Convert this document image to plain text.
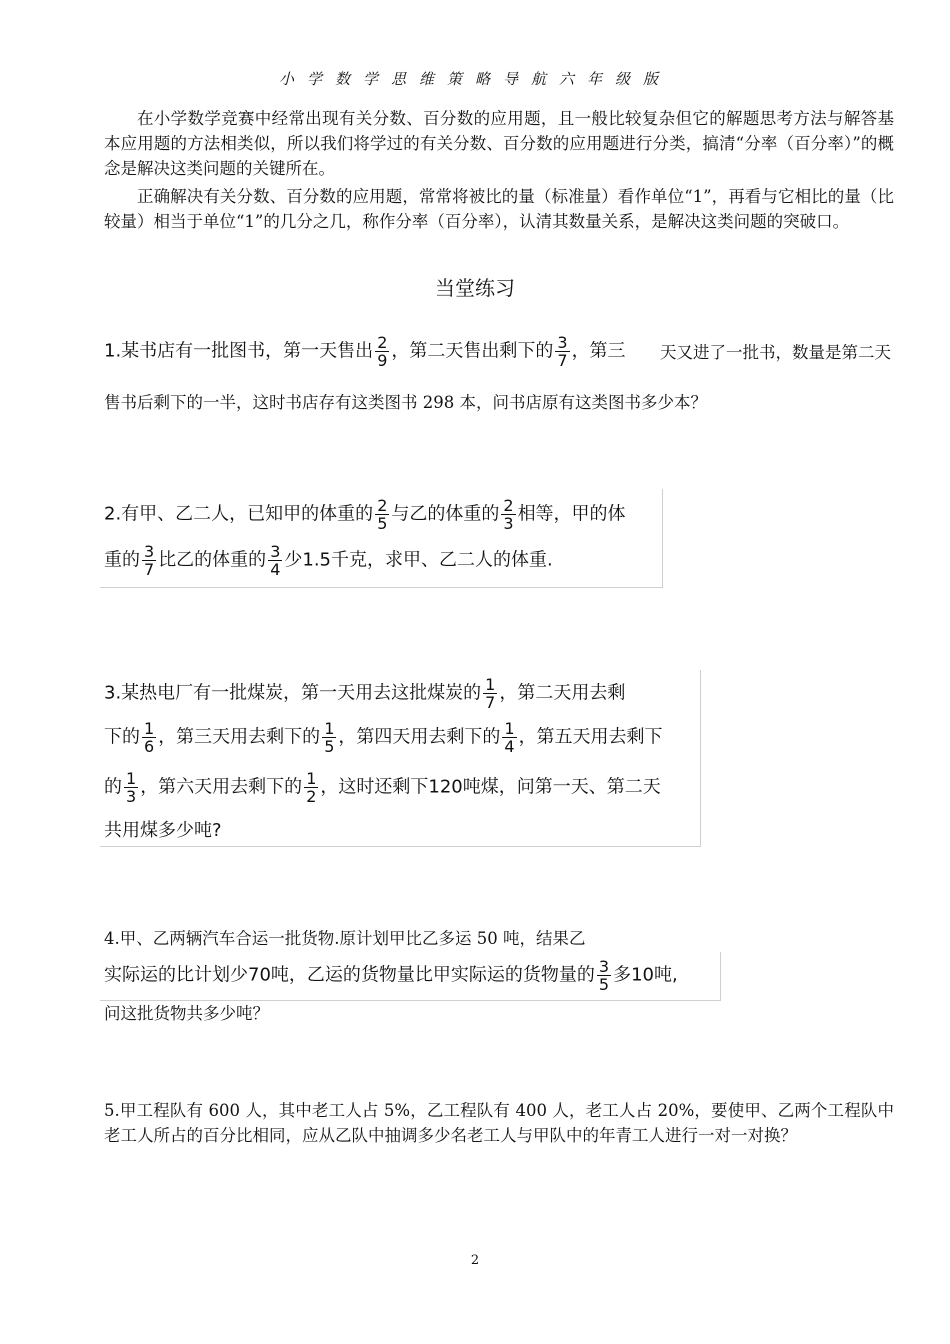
小学数学思维策略导航六年级版

在小学数学竞赛中经常出现有关分数、百分数的应用题，且一般比较复杂但它的解题思考方法与解答基本应用题的方法相类似，所以我们将学过的有关分数、百分数的应用题进行分类，搞清“分率（百分率）”的概念是解决这类问题的关键所在。

正确解决有关分数、百分数的应用题，常常将被比的量（标准量）看作单位“1”，再看与它相比的量（比较量）相当于单位“1”的几分之几，称作分率（百分率），认清其数量关系，是解决这类问题的突破口。

当堂练习
1.某书店有一批图书，第一天售出 $\frac{2}{9}$ ，第二天售出剩下的 $\frac{3}{7}$ ，第三 天又进了一批书，数量是第二天
售书后剩下的一半，这时书店存有这类图书 298 本，问书店原有这类图书多少本？
2.有甲、乙二人，已知甲的体重的 $\frac{2}{5}$ 与乙的体重的 $\frac{2}{3}$ 相等，甲的体
重的 $\frac{3}{7}$ 比乙的体重的 $\frac{3}{4}$ 少1.5千克，求甲、乙二人的体重.
3.某热电厂有一批煤炭，第一天用去这批煤炭的 $\frac{1}{7}$ ，第二天用去剩
下的 $\frac{1}{6}$ ，第三天用去剩下的 $\frac{1}{5}$ ，第四天用去剩下的 $\frac{1}{4}$ ，第五天用去剩下
的 $\frac{1}{3}$ ，第六天用去剩下的 $\frac{1}{2}$ ，这时还剩下120吨煤，问第一天、第二天
共用煤多少吨?
4.甲、乙两辆汽车合运一批货物.原计划甲比乙多运 50 吨，结果乙
实际运的比计划少70吨，乙运的货物量比甲实际运的货物量的 $\frac{3}{5}$ 多10吨,
问这批货物共多少吨？

5.甲工程队有 600 人，其中老工人占 5%，乙工程队有 400 人，老工人占 20%，要使甲、乙两个工程队中老工人所占的百分比相同，应从乙队中抽调多少名老工人与甲队中的年青工人进行一对一对换？

2
